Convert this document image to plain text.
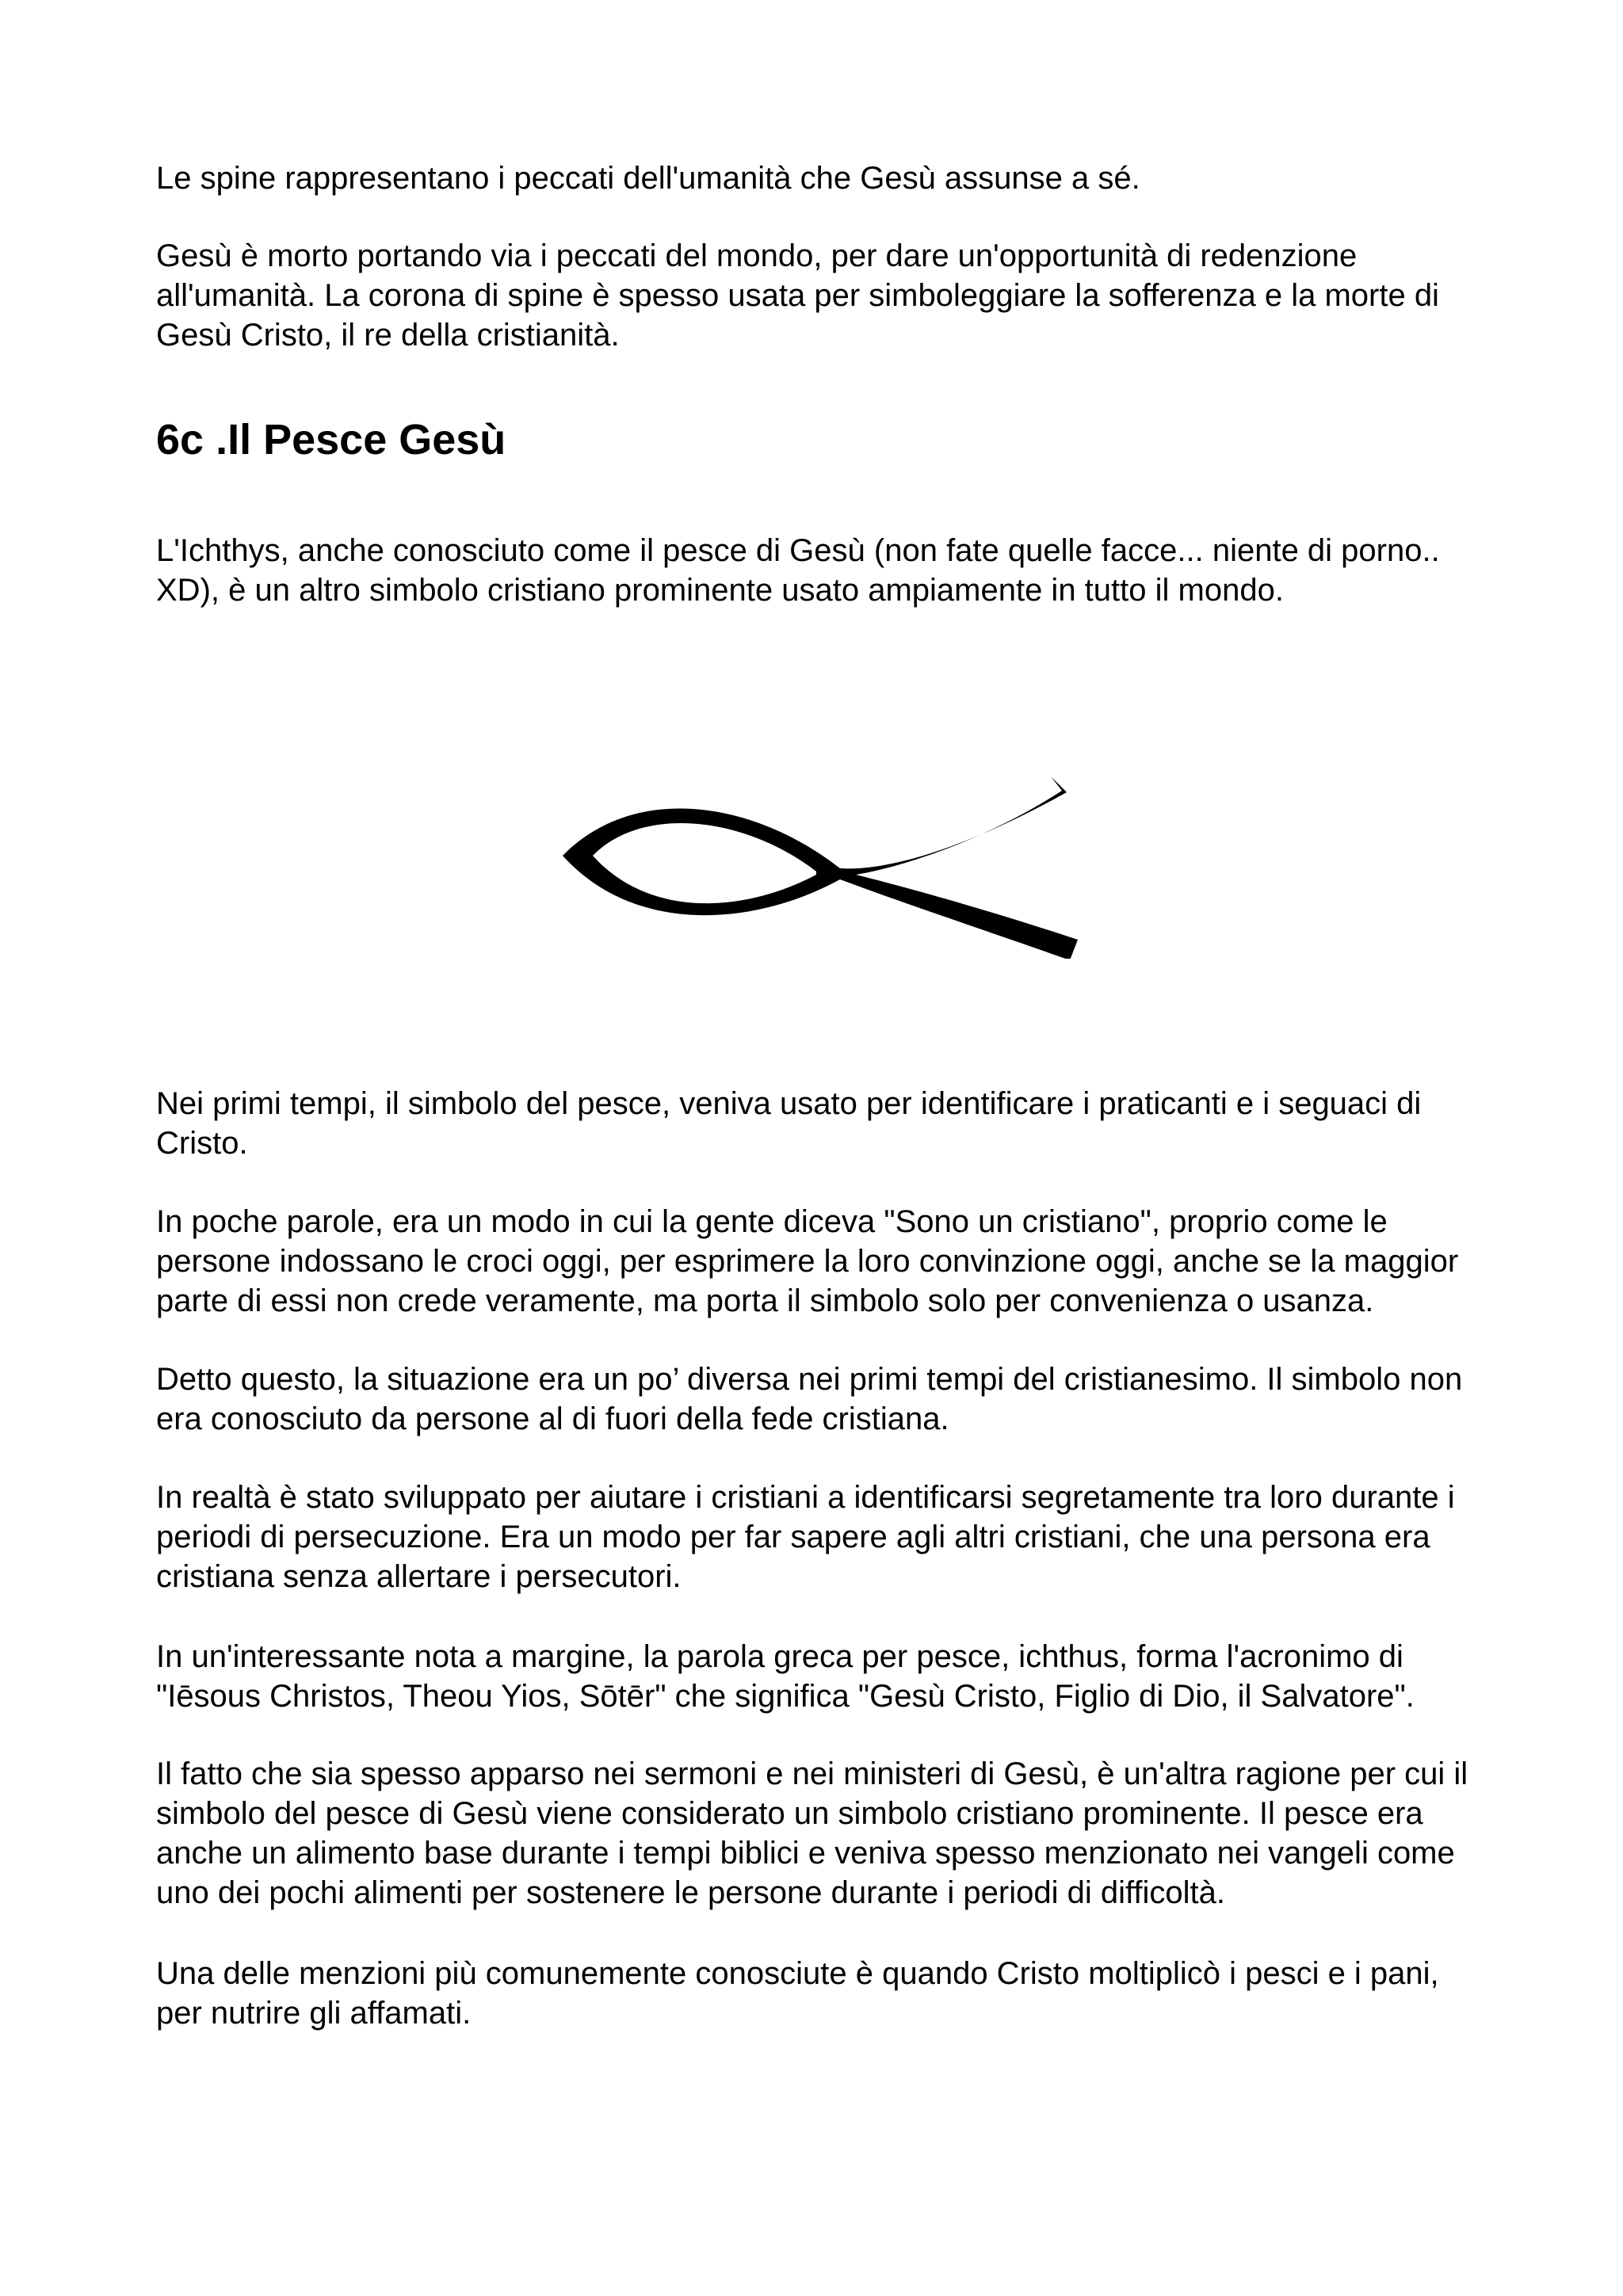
Le spine rappresentano i peccati dell'umanità che Gesù assunse a sé.

Gesù è morto portando via i peccati del mondo, per dare un'opportunità di redenzione
all'umanità. La corona di spine è spesso usata per simboleggiare la sofferenza e la morte di
Gesù Cristo, il re della cristianità.

6c .Il Pesce Gesù

L'Ichthys, anche conosciuto come il pesce di Gesù (non fate quelle facce... niente di porno..
XD), è un altro simbolo cristiano prominente usato ampiamente in tutto il mondo.

Nei primi tempi, il simbolo del pesce, veniva usato per identificare i praticanti e i seguaci di
Cristo.

In poche parole, era un modo in cui la gente diceva "Sono un cristiano", proprio come le
persone indossano le croci oggi, per esprimere la loro convinzione oggi, anche se la maggior
parte di essi non crede veramente, ma porta il simbolo solo per convenienza o usanza.

Detto questo, la situazione era un po’ diversa nei primi tempi del cristianesimo. Il simbolo non
era conosciuto da persone al di fuori della fede cristiana.

In realtà è stato sviluppato per aiutare i cristiani a identificarsi segretamente tra loro durante i
periodi di persecuzione. Era un modo per far sapere agli altri cristiani, che una persona era
cristiana senza allertare i persecutori.

In un'interessante nota a margine, la parola greca per pesce, ichthus, forma l'acronimo di
"Iēsous Christos, Theou Yios, Sōtēr" che significa "Gesù Cristo, Figlio di Dio, il Salvatore".

Il fatto che sia spesso apparso nei sermoni e nei ministeri di Gesù, è un'altra ragione per cui il
simbolo del pesce di Gesù viene considerato un simbolo cristiano prominente. Il pesce era
anche un alimento base durante i tempi biblici e veniva spesso menzionato nei vangeli come
uno dei pochi alimenti per sostenere le persone durante i periodi di difficoltà.

Una delle menzioni più comunemente conosciute è quando Cristo moltiplicò i pesci e i pani,
per nutrire gli affamati.
